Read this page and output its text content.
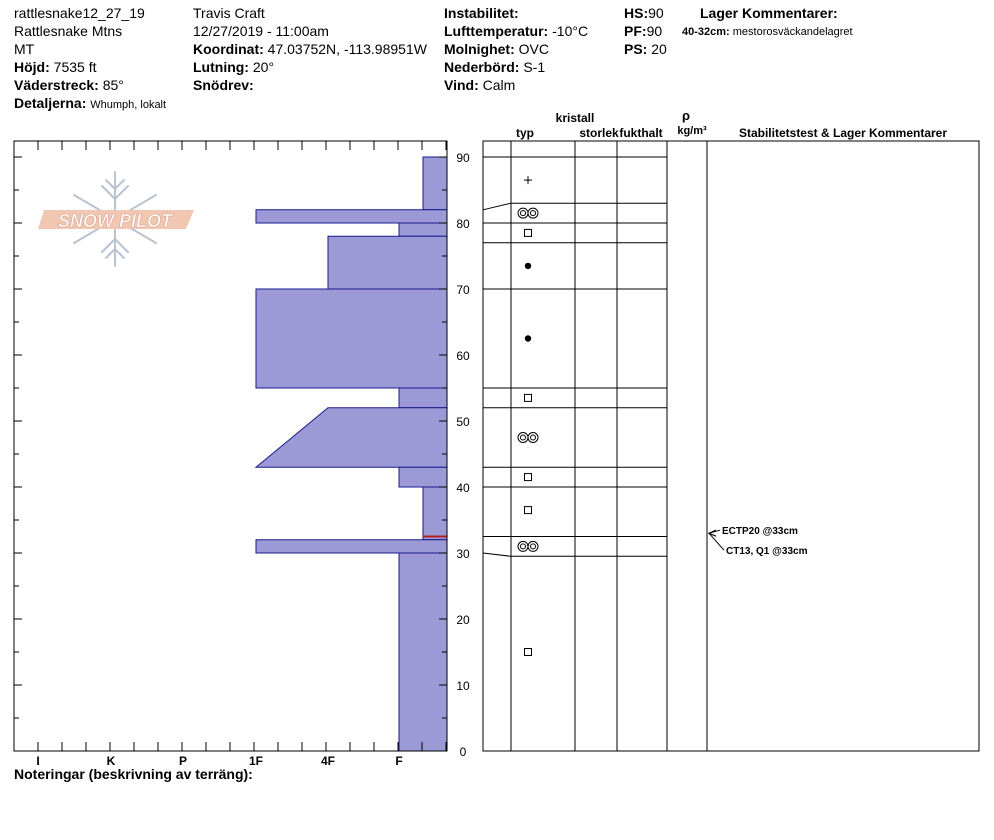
rattlesnake12_27_19
Rattlesnake Mtns
MT
Höjd: 7535 ft
Väderstreck: 85°
Detaljerna: Whumph, lokalt
Travis Craft
12/27/2019 - 11:00am
Koordinat: 47.03752N, -113.98951W
Lutning: 20°
Snödrev:
Instabilitet:
Lufttemperatur: -10°C
Molnighet: OVC
Nederbörd: S-1
Vind: Calm
HS:90
PF:90
PS: 20
Lager Kommentarer:
40-32cm: mestorosväckandelagret
SNOW PILOT
0
10
20
30
40
50
60
70
80
90
I	K	P	1F	4F	F
kristall
typ	storlek fukthalt
ρ
kg/m³	Stabilitetstest & Lager Kommentarer
ECTP20 @33cm
CT13, Q1 @33cm
Noteringar (beskrivning av terräng):
